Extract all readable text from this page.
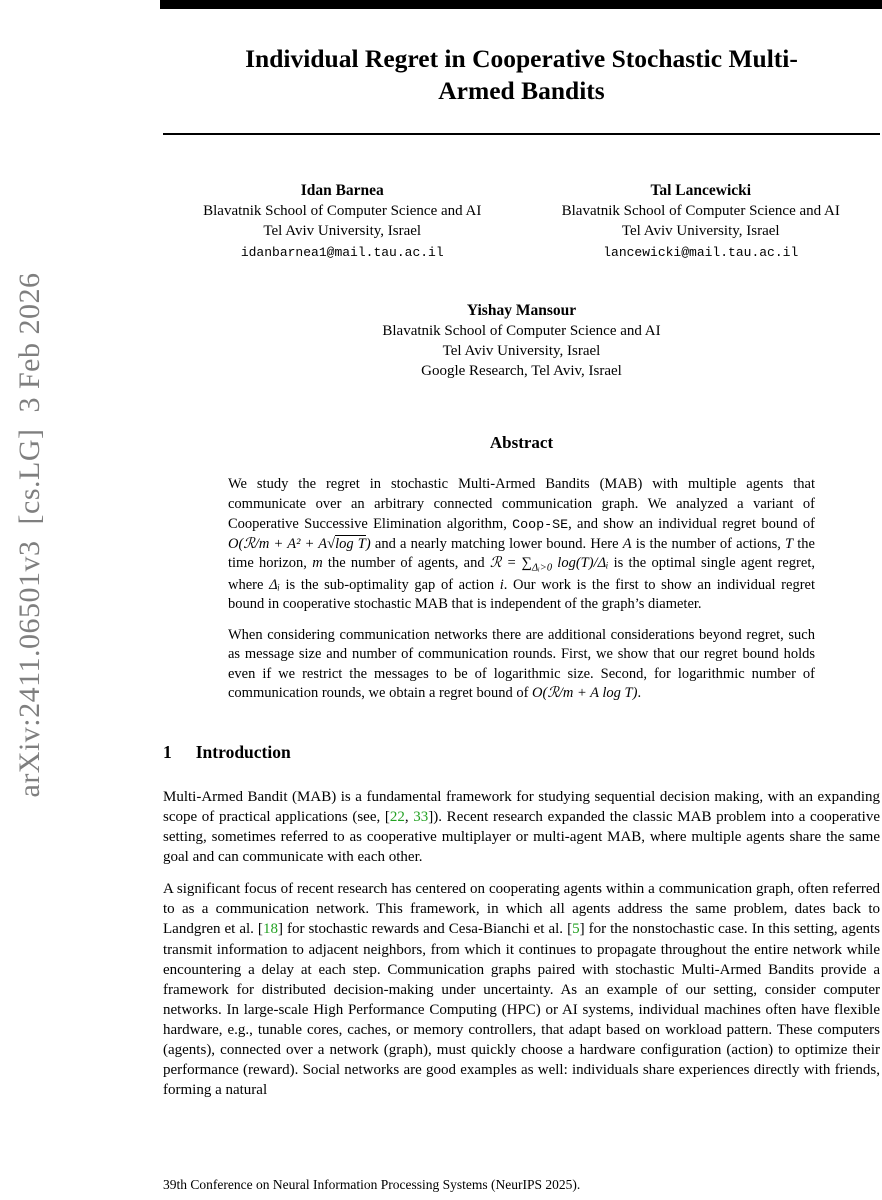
arXiv:2411.06501v3  [cs.LG]  3 Feb 2026
Individual Regret in Cooperative Stochastic Multi-Armed Bandits
Idan Barnea
Blavatnik School of Computer Science and AI
Tel Aviv University, Israel
idanbarnea1@mail.tau.ac.il
Tal Lancewicki
Blavatnik School of Computer Science and AI
Tel Aviv University, Israel
lancewicki@mail.tau.ac.il
Yishay Mansour
Blavatnik School of Computer Science and AI
Tel Aviv University, Israel
Google Research, Tel Aviv, Israel
Abstract

We study the regret in stochastic Multi-Armed Bandits (MAB) with multiple agents that communicate over an arbitrary connected communication graph. We analyzed a variant of Cooperative Successive Elimination algorithm, Coop-SE, and show an individual regret bound of O(ℛ/m + A² + A√log T) and a nearly matching lower bound. Here A is the number of actions, T the time horizon, m the number of agents, and ℛ = $\sum_{\Delta ᵢ>0}$ log(T)/Δᵢ is the optimal single agent regret, where Δᵢ is the sub-optimality gap of action i. Our work is the first to show an individual regret bound in cooperative stochastic MAB that is independent of the graph’s diameter.

When considering communication networks there are additional considerations beyond regret, such as message size and number of communication rounds. First, we show that our regret bound holds even if we restrict the messages to be of logarithmic size. Second, for logarithmic number of communication rounds, we obtain a regret bound of O(ℛ/m + A log T).

1 Introduction

Multi-Armed Bandit (MAB) is a fundamental framework for studying sequential decision making, with an expanding scope of practical applications (see, [22, 33]). Recent research expanded the classic MAB problem into a cooperative setting, sometimes referred to as cooperative multiplayer or multi-agent MAB, where multiple agents share the same goal and can communicate with each other.

A significant focus of recent research has centered on cooperating agents within a communication graph, often referred to as a communication network. This framework, in which all agents address the same problem, dates back to Landgren et al. [18] for stochastic rewards and Cesa-Bianchi et al. [5] for the nonstochastic case. In this setting, agents transmit information to adjacent neighbors, from which it continues to propagate throughout the entire network while encountering a delay at each step. Communication graphs paired with stochastic Multi-Armed Bandits provide a framework for distributed decision-making under uncertainty. As an example of our setting, consider computer networks. In large-scale High Performance Computing (HPC) or AI systems, individual machines often have flexible hardware, e.g., tunable cores, caches, or memory controllers, that adapt based on workload pattern. These computers (agents), connected over a network (graph), must quickly choose a hardware configuration (action) to optimize their performance (reward). Social networks are good examples as well: individuals share experiences directly with friends, forming a natural

39th Conference on Neural Information Processing Systems (NeurIPS 2025).
